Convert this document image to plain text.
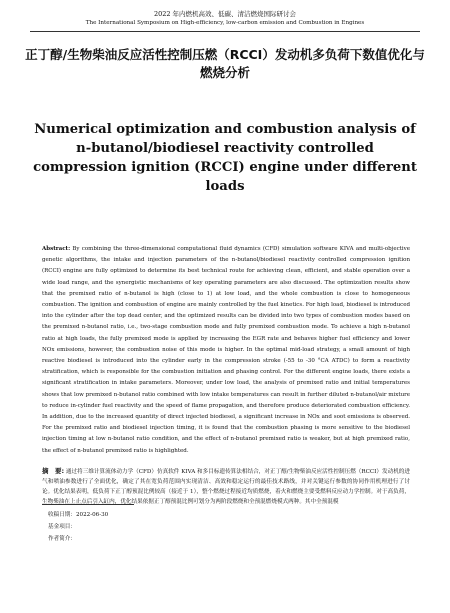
2022 年内燃机高效、低碳、清洁燃烧国际研讨会
The International Symposium on High-efficiency, low-carbon emission and Combustion in Engines
正丁醇/生物柴油反应活性控制压燃（RCCI）发动机多负荷下数值优化与燃烧分析
Numerical optimization and combustion analysis of n-butanol/biodiesel reactivity controlled compression ignition (RCCI) engine under different loads
Abstract: By combining the three-dimensional computational fluid dynamics (CFD) simulation software KIVA and multi-objective genetic algorithms, the intake and injection parameters of the n-butanol/biodiesel reactivity controlled compression ignition (RCCI) engine are fully optimized to determine its best technical route for achieving clean, efficient, and stable operation over a wide load range, and the synergistic mechanisms of key operating parameters are also discussed. The optimization results show that the premixed ratio of n-butanol is high (close to 1) at low load, and the whole combustion is close to homogeneous combustion. The ignition and combustion of engine are mainly controlled by the fuel kinetics. For high load, biodiesel is introduced into the cylinder after the top dead center, and the optimized results can be divided into two types of combustion modes based on the premixed n-butanol ratio, i.e., two-stage combustion mode and fully premixed combustion mode. To achieve a high n-butanol ratio at high loads, the fully premixed mode is applied by increasing the EGR rate and behaves higher fuel efficiency and lower NOx emissions, however, the combustion noise of this mode is higher. In the optimal mid-load strategy, a small amount of high reactive biodiesel is introduced into the cylinder early in the compression stroke (-55 to -30 °CA ATDC) to form a reactivity stratification, which is responsible for the combustion initiation and phasing control. For the different engine loads, there exists a significant stratification in intake parameters. Moreover, under low load, the analysis of premixed ratio and initial temperatures shows that low premixed n-butanol ratio combined with low intake temperatures can result in further diluted n-butanol/air mixture to reduce in-cylinder fuel reactivity and the speed of flame propagation, and therefore produce deteriorated combustion efficiency. In addition, due to the increased quantity of direct injected biodiesel, a significant increase in NOx and soot emissions is observed. For the premixed ratio and biodiesel injection timing, it is found that the combustion phasing is more sensitive to the biodiesel injection timing at low n-butanol ratio condition, and the effect of n-butanol premixed ratio is weaker, but at high premixed ratio, the effect of n-butanol premixed ratio is highlighted.
摘　要: 通过将三维计算流体动力学（CFD）仿真软件 KIVA 和多目标遗传算法相结合，对正丁醇/生物柴油反应活性控制压燃（RCCI）发动机的进气和喷油参数进行了全面优化，确定了其在宽负荷范围内实现清洁、高效和稳定运行的最佳技术路线，并对关键运行参数的协同作用机理进行了讨论。优化结果表明，低负荷下正丁醇预混比例较高（接近于 1），整个燃烧过程接近均质燃烧，着火和燃烧主要受燃料反应动力学控制。对于高负荷，生物柴油在上止点后引入缸内，优化结果依据正丁醇预混比例可划分为两阶段燃烧和全预混燃烧模式两种。其中全预混模
收稿日期：2022-06-30
基金项目：
作者简介：
